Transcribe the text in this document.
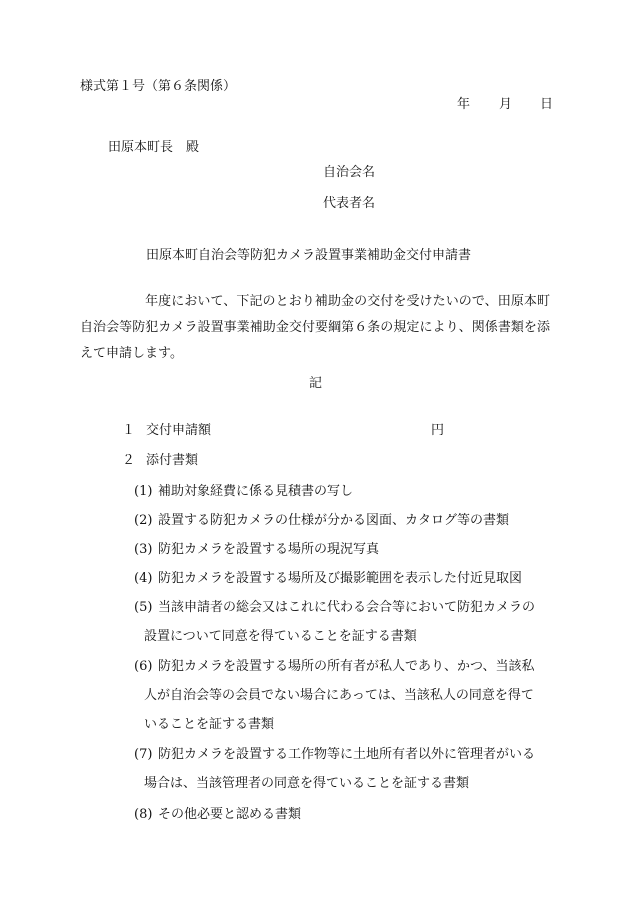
様式第１号（第６条関係）
年 月 日
田原本町長　殿
自治会名
代表者名
田原本町自治会等防犯カメラ設置事業補助金交付申請書
年度において、下記のとおり補助金の交付を受けたいので、田原本町自治会等防犯カメラ設置事業補助金交付要綱第６条の規定により、関係書類を添えて申請します。
記
１ 交付申請額	円
２ 添付書類
(1) 補助対象経費に係る見積書の写し
(2) 設置する防犯カメラの仕様が分かる図面、カタログ等の書類
(3) 防犯カメラを設置する場所の現況写真
(4) 防犯カメラを設置する場所及び撮影範囲を表示した付近見取図
(5) 当該申請者の総会又はこれに代わる会合等において防犯カメラの
設置について同意を得ていることを証する書類
(6) 防犯カメラを設置する場所の所有者が私人であり、かつ、当該私
人が自治会等の会員でない場合にあっては、当該私人の同意を得て
いることを証する書類
(7) 防犯カメラを設置する工作物等に土地所有者以外に管理者がいる
場合は、当該管理者の同意を得ていることを証する書類
(8) その他必要と認める書類
